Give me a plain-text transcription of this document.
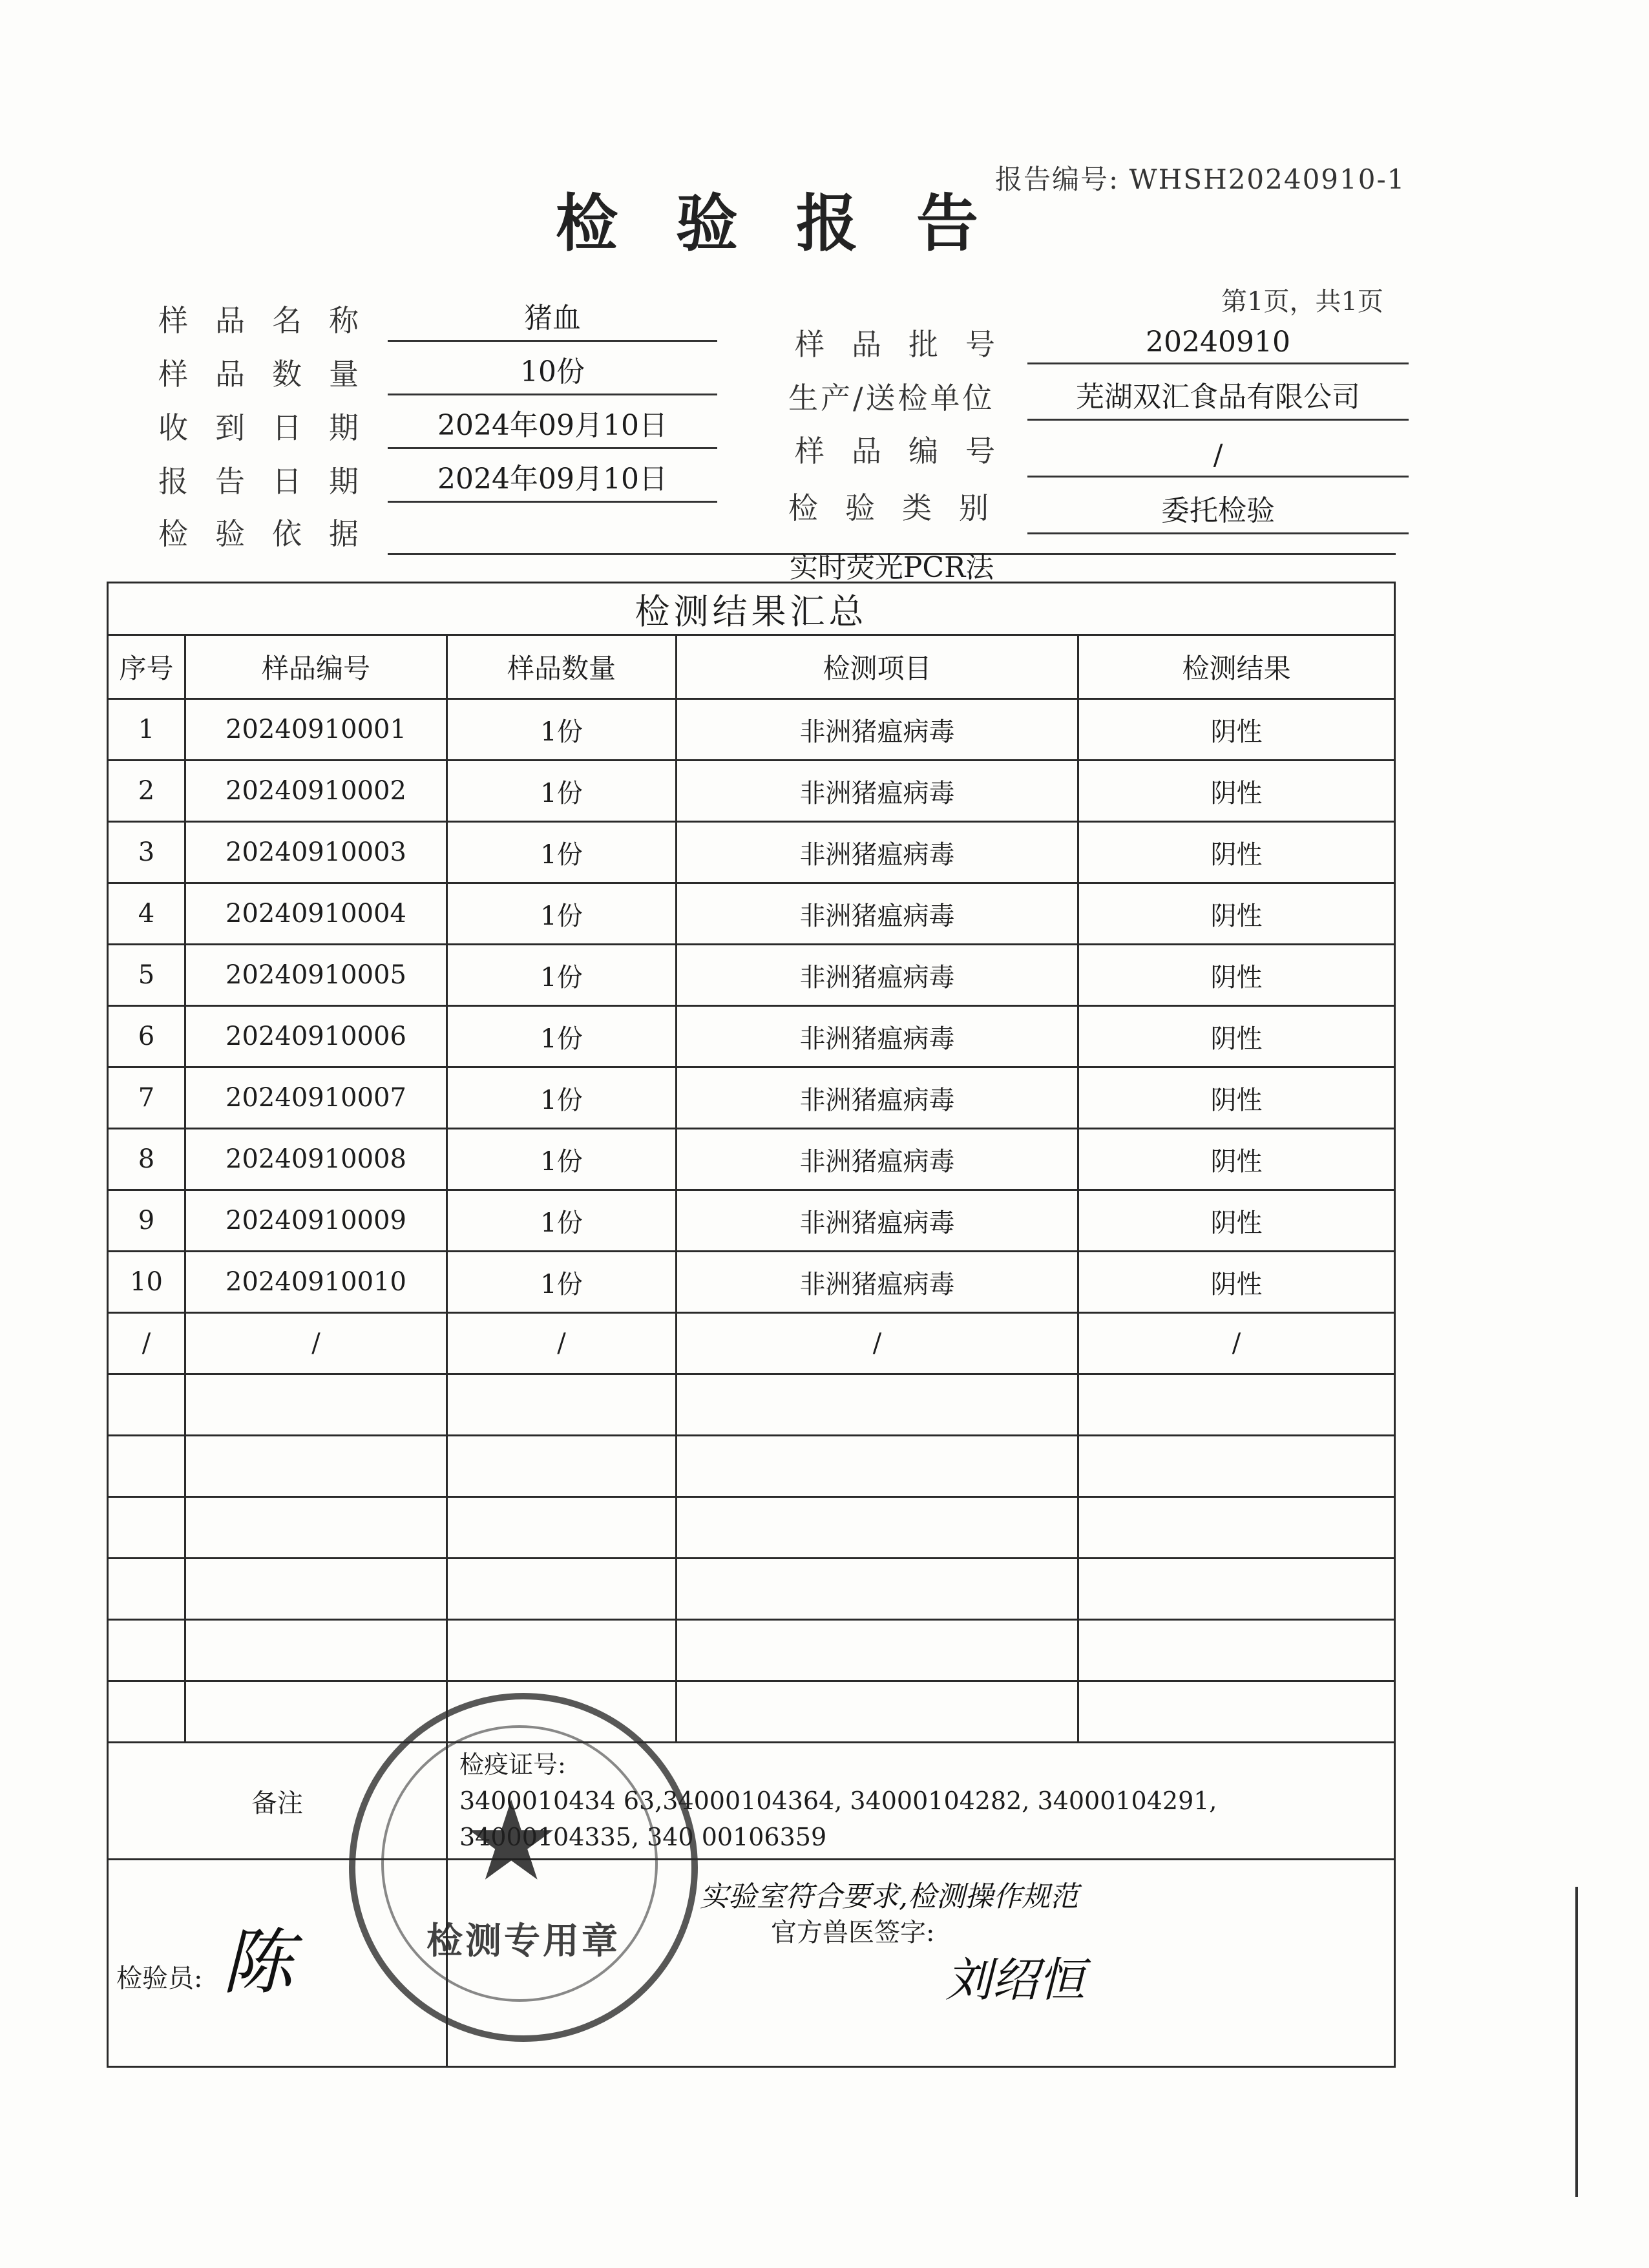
报告编号: WHSH20240910-1
检验报告
第1页，共1页
样品名称	猪血
样品数量	10份
收到日期	2024年09月10日
报告日期	2024年09月10日
检验依据
实时荧光PCR法
样品批号	20240910
生产/送检单位	芜湖双汇食品有限公司
样品编号	/
检验类别	委托检验
检测结果汇总				
序号	样品编号	样品数量	检测项目	检测结果
1	20240910001	1份	非洲猪瘟病毒	阴性
2	20240910002	1份	非洲猪瘟病毒	阴性
3	20240910003	1份	非洲猪瘟病毒	阴性
4	20240910004	1份	非洲猪瘟病毒	阴性
5	20240910005	1份	非洲猪瘟病毒	阴性
6	20240910006	1份	非洲猪瘟病毒	阴性
7	20240910007	1份	非洲猪瘟病毒	阴性
8	20240910008	1份	非洲猪瘟病毒	阴性
9	20240910009	1份	非洲猪瘟病毒	阴性
10	20240910010	1份	非洲猪瘟病毒	阴性
/	/	/	/	/

备注		检疫证号:
3400010434 63,34000104364, 34000104282, 34000104291, 34000104335, 340 00106359		

检验员: 陈		实验室符合要求,检测操作规范
官方兽医签字:
刘绍恒		
★
检测专用章
